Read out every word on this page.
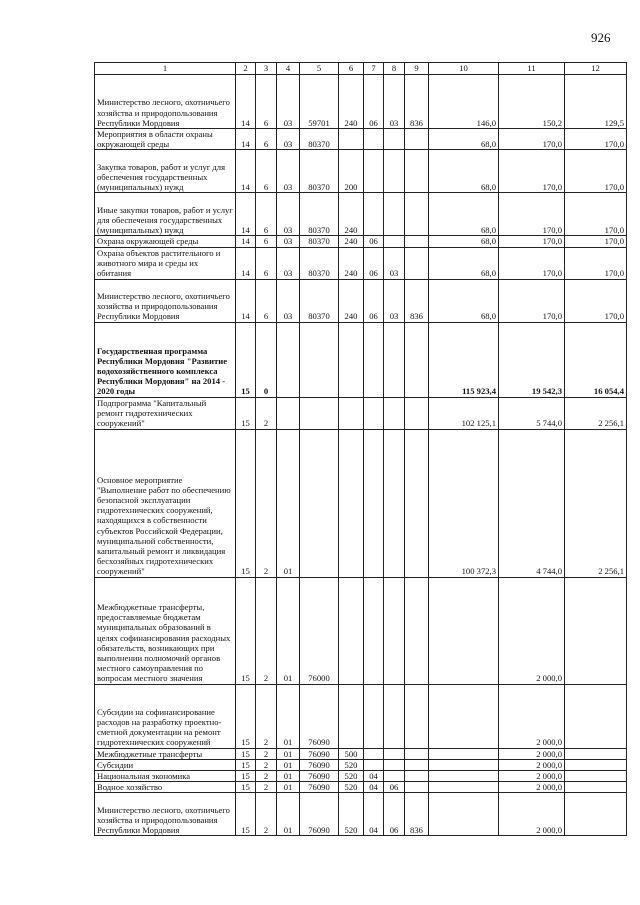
926
1	2	3	4	5	6	7	8	9	10	11	12
Министерство лесного, охотничьего хозяйства и природопользования Республики Мордовия	14	6	03	59701	240	06	03	836	146,0	150,2	129,5
Мероприятия в области охраны окружающей среды	14	6	03	80370					68,0	170,0	170,0
Закупка товаров, работ и услуг для обеспечения государственных (муниципальных) нужд	14	6	03	80370	200				68,0	170,0	170,0
Иные закупки товаров, работ и услуг для обеспечения государственных (муниципальных) нужд	14	6	03	80370	240				68,0	170,0	170,0
Охрана окружающей среды	14	6	03	80370	240	06			68,0	170,0	170,0
Охрана объектов растительного и животного мира и среды их обитания	14	6	03	80370	240	06	03		68,0	170,0	170,0
Министерство лесного, охотничьего хозяйства и природопользования Республики Мордовия	14	6	03	80370	240	06	03	836	68,0	170,0	170,0
Государственная программа Республики Мордовия "Развитие водохозяйственного комплекса Республики Мордовия" на 2014 - 2020 годы	15	0							115 923,4	19 542,3	16 054,4
Подпрограмма "Капитальный ремонт гидротехнических сооружений"	15	2							102 125,1	5 744,0	2 256,1
Основное мероприятие "Выполнение работ по обеспечению безопасной эксплуатации гидротехнических сооружений, находящихся в собственности субъектов Российской Федерации, муниципальной собственности, капитальный ремонт и ликвидация бесхозяйных гидротехнических сооружений"	15	2	01						100 372,3	4 744,0	2 256,1
Межбюджетные трансферты, предоставляемые бюджетам муниципальных образований в целях софинансирования расходных обязательств, возникающих при выполнении полномочий органов местного самоуправления по вопросам местного значения	15	2	01	76000						2 000,0	
Субсидии на софинансирование расходов на разработку проектно-сметной документации на ремонт гидротехнических сооружений	15	2	01	76090						2 000,0	
Межбюджетные трансферты	15	2	01	76090	500					2 000,0	
Субсидии	15	2	01	76090	520					2 000,0	
Национальная экономика	15	2	01	76090	520	04				2 000,0	
Водное хозяйство	15	2	01	76090	520	04	06			2 000,0	
Министерство лесного, охотничьего хозяйства и природопользования Республики Мордовия	15	2	01	76090	520	04	06	836		2 000,0	
